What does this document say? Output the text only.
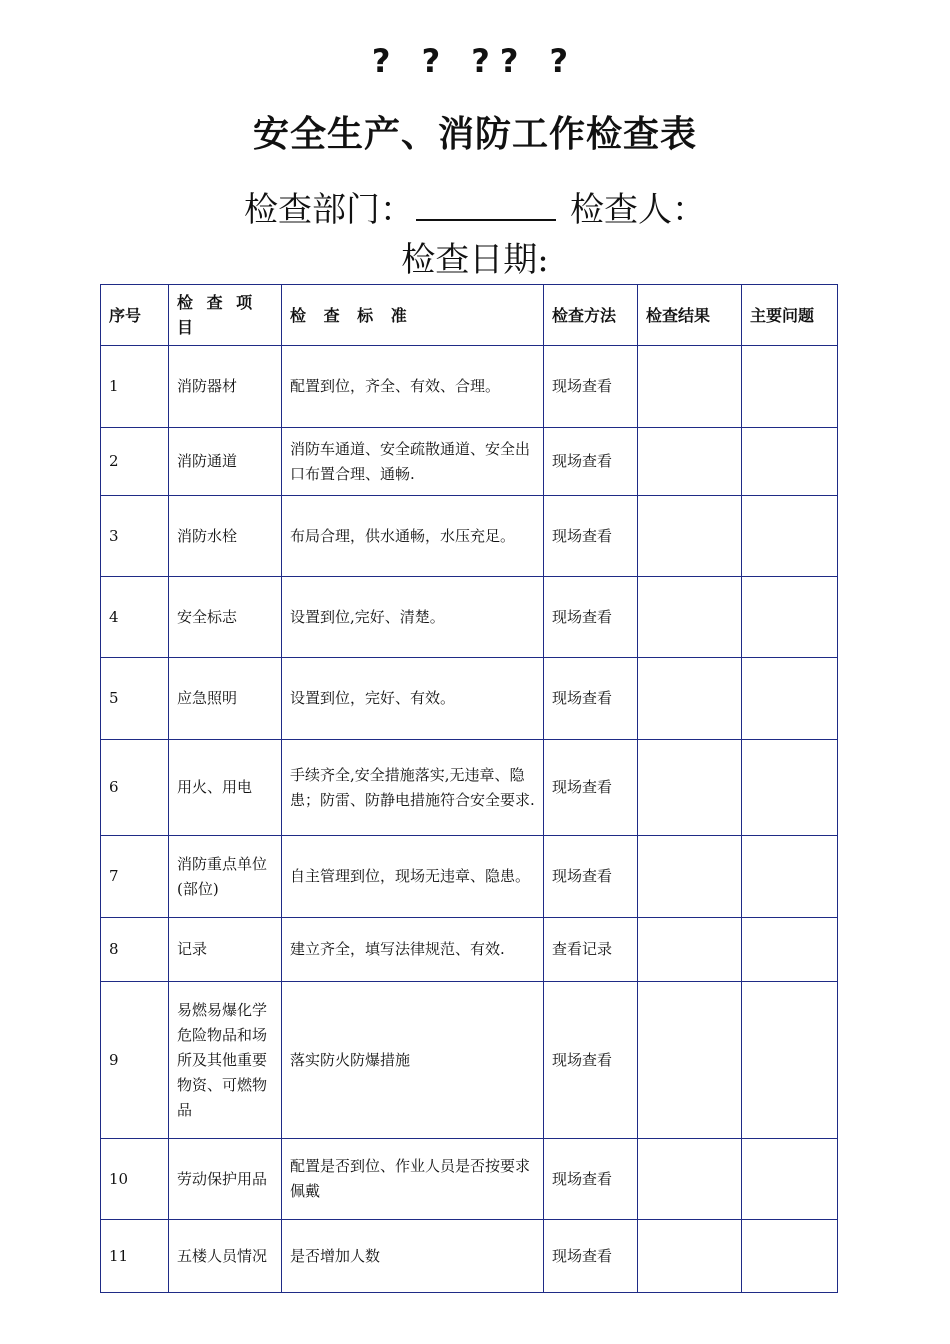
? ? ?? ?
安全生产、消防工作检查表
检查部门：	检查人：
检查日期:
序号	检 查 项 目	检 查 标 准	检查方法	检查结果	主要问题
1	消防器材	配置到位，齐全、有效、合理。	现场查看		
2	消防通道	消防车通道、安全疏散通道、安全出口布置合理、通畅.	现场查看		
3	消防水栓	布局合理，供水通畅，水压充足。	现场查看		
4	安全标志	设置到位,完好、清楚。	现场查看		
5	应急照明	设置到位，完好、有效。	现场查看		
6	用火、用电	手续齐全,安全措施落实,无违章、隐患；防雷、防静电措施符合安全要求.	现场查看		
7	消防重点单位(部位)	自主管理到位，现场无违章、隐患。	现场查看		
8	记录	建立齐全，填写法律规范、有效.	查看记录		
9	易燃易爆化学危险物品和场所及其他重要物资、可燃物品	落实防火防爆措施	现场查看		
10	劳动保护用品	配置是否到位、作业人员是否按要求佩戴	现场查看		
11	五楼人员情况	是否增加人数	现场查看		
